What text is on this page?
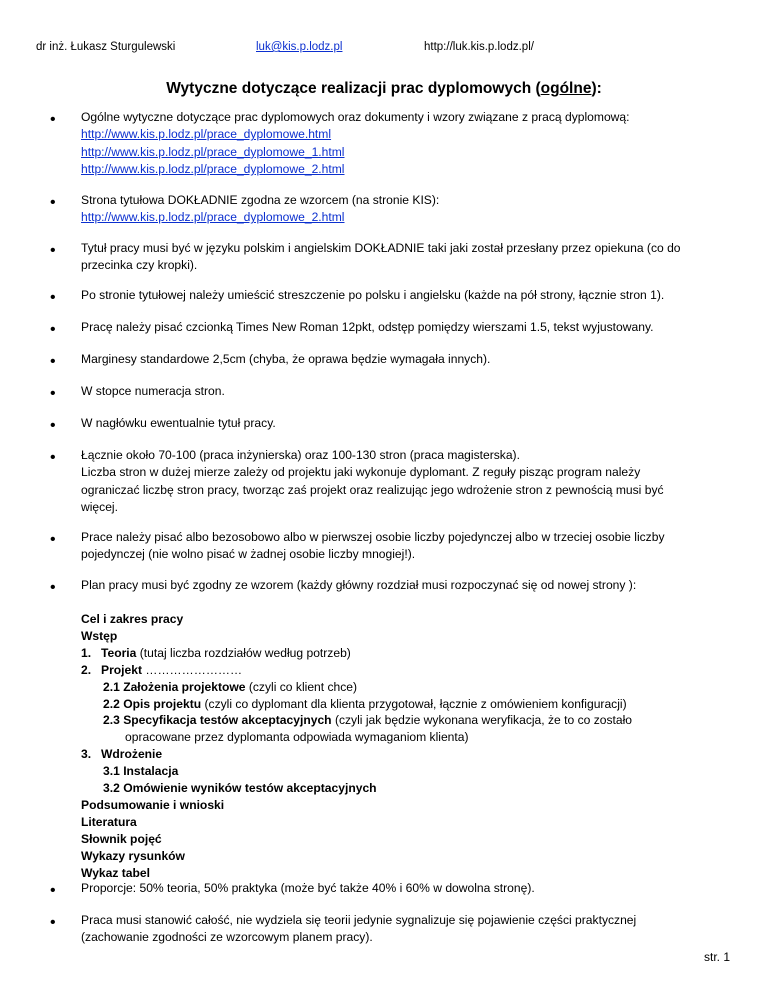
dr inż. Łukasz Sturgulewski	luk@kis.p.lodz.pl	http://luk.kis.p.lodz.pl/
Wytyczne dotyczące realizacji prac dyplomowych (ogólne):
• Ogólne wytyczne dotyczące prac dyplomowych oraz dokumenty i wzory związane z pracą dyplomową:
http://www.kis.p.lodz.pl/prace_dyplomowe.html
http://www.kis.p.lodz.pl/prace_dyplomowe_1.html
http://www.kis.p.lodz.pl/prace_dyplomowe_2.html
• Strona tytułowa DOKŁADNIE zgodna ze wzorcem (na stronie KIS):
http://www.kis.p.lodz.pl/prace_dyplomowe_2.html
• Tytuł pracy musi być w języku polskim i angielskim DOKŁADNIE taki jaki został przesłany przez opiekuna (co do
przecinka czy kropki).
• Po stronie tytułowej należy umieścić streszczenie po polsku i angielsku (każde na pół strony, łącznie stron 1).
• Pracę należy pisać czcionką Times New Roman 12pkt, odstęp pomiędzy wierszami 1.5, tekst wyjustowany.
• Marginesy standardowe 2,5cm (chyba, że oprawa będzie wymagała innych).
• W stopce numeracja stron.
• W nagłówku ewentualnie tytuł pracy.
• Łącznie około 70-100 (praca inżynierska) oraz 100-130 stron (praca magisterska).
Liczba stron w dużej mierze zależy od projektu jaki wykonuje dyplomant. Z reguły pisząc program należy
ograniczać liczbę stron pracy, tworząc zaś projekt oraz realizując jego wdrożenie stron z pewnością musi być
więcej.
• Prace należy pisać albo bezosobowo albo w pierwszej osobie liczby pojedynczej albo w trzeciej osobie liczby
pojedynczej (nie wolno pisać w żadnej osobie liczby mnogiej!).
• Plan pracy musi być zgodny ze wzorem (każdy główny rozdział musi rozpoczynać się od nowej strony ):
Cel i zakres pracy
Wstęp
1. Teoria (tutaj liczba rozdziałów według potrzeb)
2. Projekt ……………………
2.1 Założenia projektowe (czyli co klient chce)
2.2 Opis projektu (czyli co dyplomant dla klienta przygotował, łącznie z omówieniem konfiguracji)
2.3 Specyfikacja testów akceptacyjnych (czyli jak będzie wykonana weryfikacja, że to co zostało
opracowane przez dyplomanta odpowiada wymaganiom klienta)
3. Wdrożenie
3.1 Instalacja
3.2 Omówienie wyników testów akceptacyjnych
Podsumowanie i wnioski
Literatura
Słownik pojęć
Wykazy rysunków
Wykaz tabel
• Proporcje: 50% teoria, 50% praktyka (może być także 40% i 60% w dowolna stronę).
• Praca musi stanowić całość, nie wydziela się teorii jedynie sygnalizuje się pojawienie części praktycznej
(zachowanie zgodności ze wzorcowym planem pracy).
str. 1
